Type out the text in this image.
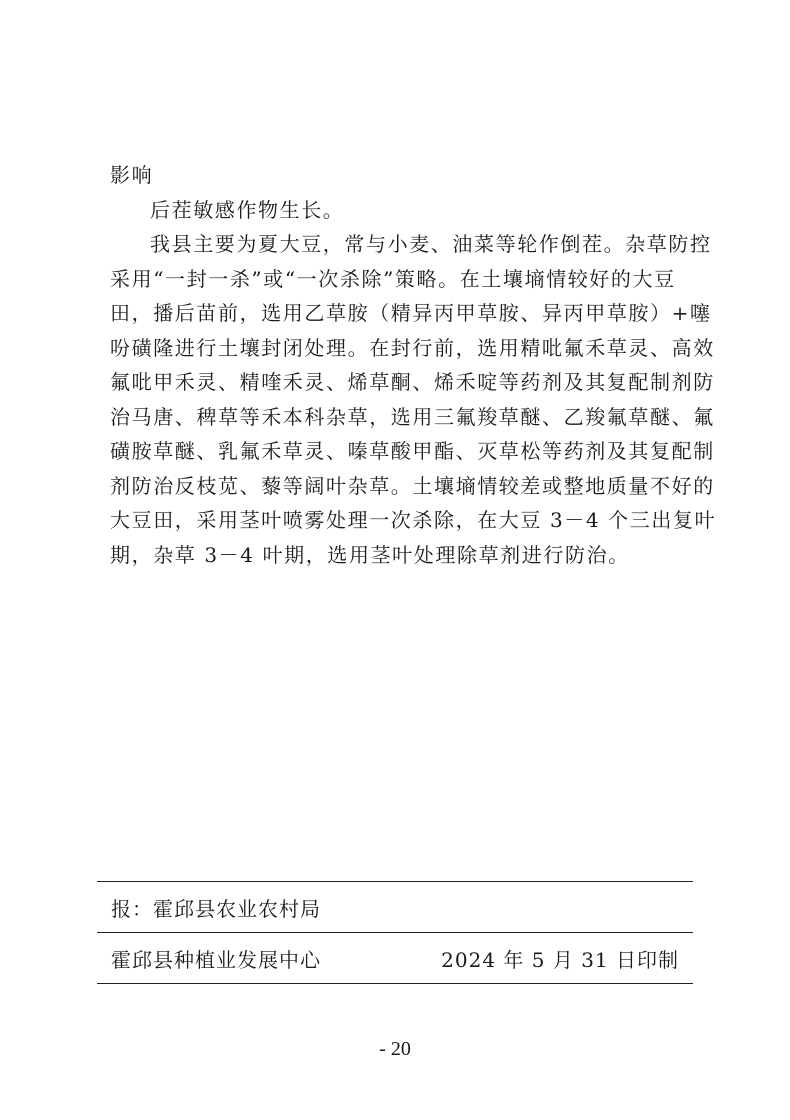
影响
后茬敏感作物生长。
我县主要为夏大豆，常与小麦、油菜等轮作倒茬。杂草防控
采用“一封一杀”或“一次杀除”策略。在土壤墒情较好的大豆
田，播后苗前，选用乙草胺（精异丙甲草胺、异丙甲草胺）+噻
吩磺隆进行土壤封闭处理。在封行前，选用精吡氟禾草灵、高效
氟吡甲禾灵、精喹禾灵、烯草酮、烯禾啶等药剂及其复配制剂防
治马唐、稗草等禾本科杂草，选用三氟羧草醚、乙羧氟草醚、氟
磺胺草醚、乳氟禾草灵、嗪草酸甲酯、灭草松等药剂及其复配制
剂防治反枝苋、藜等阔叶杂草。土壤墒情较差或整地质量不好的
大豆田，采用茎叶喷雾处理一次杀除，在大豆 3－4 个三出复叶
期，杂草 3－4 叶期，选用茎叶处理除草剂进行防治。
报：霍邱县农业农村局
霍邱县种植业发展中心	2024 年 5 月 31 日印制
- 20
